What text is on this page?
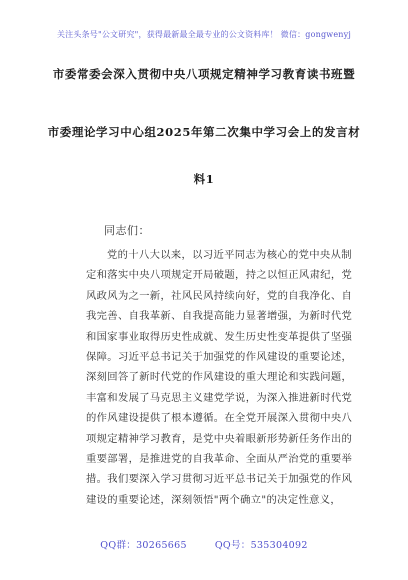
关注头条号"公文研究"，获得最新最全最专业的公文资料库！ 微信：gongwenyj
市委常委会深入贯彻中央八项规定精神学习教育读书班暨
市委理论学习中心组2025年第二次集中学习会上的发言材
料1
同志们：
党的十八大以来，以习近平同志为核心的党中央从制
定和落实中央八项规定开局破题，持之以恒正风肃纪，党
风政风为之一新，社风民风持续向好，党的自我净化、自
我完善、自我革新、自我提高能力显著增强，为新时代党
和国家事业取得历史性成就、发生历史性变革提供了坚强
保障。习近平总书记关于加强党的作风建设的重要论述，
深刻回答了新时代党的作风建设的重大理论和实践问题，
丰富和发展了马克思主义建党学说，为深入推进新时代党
的作风建设提供了根本遵循。在全党开展深入贯彻中央八
项规定精神学习教育，是党中央着眼新形势新任务作出的
重要部署，是推进党的自我革命、全面从严治党的重要举
措。我们要深入学习贯彻习近平总书记关于加强党的作风
建设的重要论述，深刻领悟"两个确立"的决定性意义，
QQ群：30265665	QQ号：535304092
